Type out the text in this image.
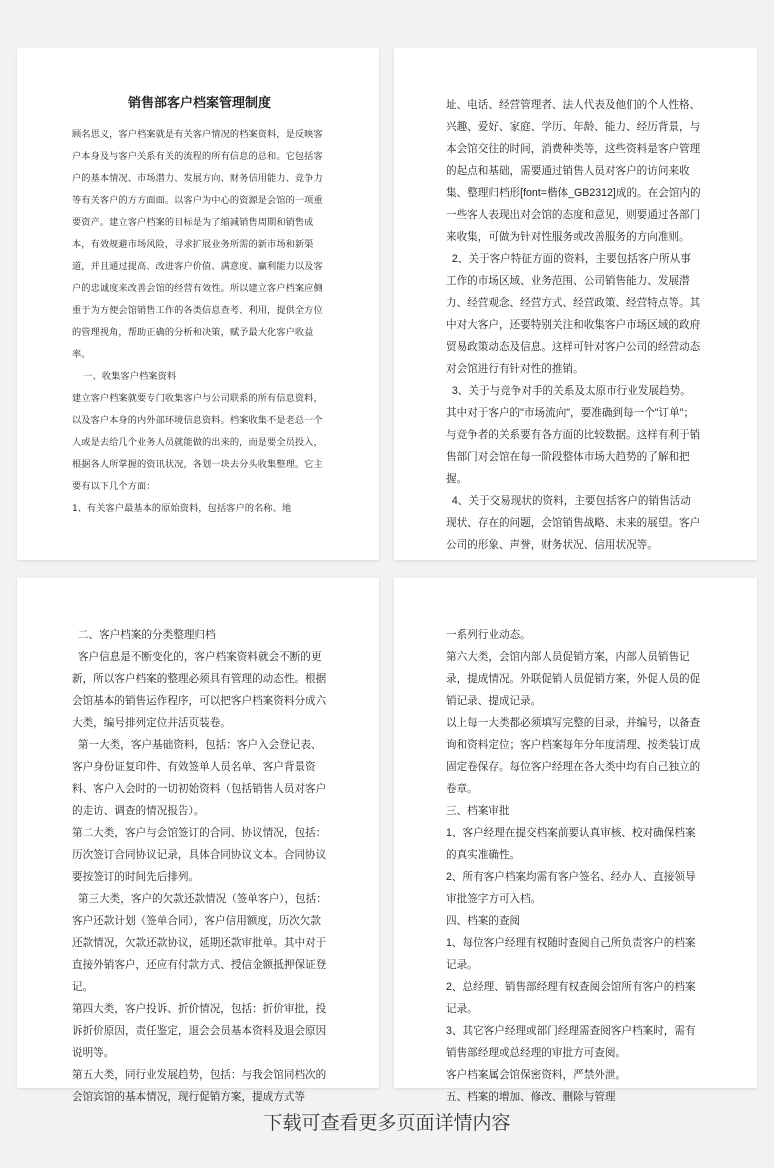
销售部客户档案管理制度

顾名思义，客户档案就是有关客户情况的档案资料，是反映客户本身及与客户关系有关的流程的所有信息的总和。它包括客户的基本情况、市场潜力、发展方向、财务信用能力、竞争力等有关客户的方方面面。以客户为中心的资源是会馆的一项重要资产。建立客户档案的目标是为了缩减销售周期和销售成本，有效规避市场风险，寻求扩展业务所需的新市场和新渠道，并且通过提高、改进客户价值、满意度、赢利能力以及客户的忠诚度来改善会馆的经营有效性。所以建立客户档案应侧重于为方便会馆销售工作的各类信息查考、利用，提供全方位的管理视角，帮助正确的分析和决策，赋予最大化客户收益率。

一、收集客户档案资料

建立客户档案就要专门收集客户与公司联系的所有信息资料，以及客户本身的内外部环境信息资料。档案收集不是老总一个人或是去给几个业务人员就能做的出来的，而是要全员投入，根据各人所掌握的资讯状况，各划一块去分头收集整理。它主要有以下几个方面：

1、有关客户最基本的原始资料，包括客户的名称、地

址、电话、经营管理者、法人代表及他们的个人性格、兴趣、爱好、家庭、学历、年龄、能力、经历背景，与本会馆交往的时间，消费种类等，这些资料是客户管理的起点和基础，需要通过销售人员对客户的访问来收集、整理归档形[font=楷体_GB2312]成的。在会馆内的一些客人表现出对会馆的态度和意见，则要通过各部门来收集，可做为针对性服务或改善服务的方向准则。

2、关于客户特征方面的资料，主要包括客户所从事工作的市场区域、业务范围、公司销售能力、发展潜力、经营观念、经营方式、经营政策、经营特点等。其中对大客户，还要特别关注和收集客户市场区域的政府贸易政策动态及信息。这样可针对客户公司的经营动态对会馆进行有针对性的推销。

3、关于与竞争对手的关系及太原市行业发展趋势。其中对于客户的"市场流向"，要准确到每一个"订单"；与竞争者的关系要有各方面的比较数据。这样有利于销售部门对会馆在每一阶段整体市场大趋势的了解和把握。

4、关于交易现状的资料，主要包括客户的销售活动现状、存在的问题，会馆销售战略、未来的展望。客户公司的形象、声誉，财务状况、信用状况等。

二、客户档案的分类整理归档

客户信息是不断变化的，客户档案资料就会不断的更新，所以客户档案的整理必须具有管理的动态性。根据会馆基本的销售运作程序，可以把客户档案资料分成六大类，编号排列定位并活页装卷。

第一大类，客户基础资料，包括：客户入会登记表、客户身份证复印件、有效签单人员名单、客户背景资料、客户入会时的一切初始资料（包括销售人员对客户的走访、调查的情况报告）。

第二大类，客户与会馆签订的合同、协议情况，包括：历次签订合同协议记录，具体合同协议文本。合同协议要按签订的时间先后排列。

第三大类，客户的欠款还款情况（签单客户），包括：客户还款计划（签单合同），客户信用额度，历次欠款还款情况，欠款还款协议，延期还款审批单。其中对于直接外销客户，还应有付款方式、授信金额抵押保证登记。

第四大类，客户投诉、折价情况，包括：折价审批，投诉折价原因，责任鉴定，退会会员基本资料及退会原因说明等。

第五大类，同行业发展趋势，包括：与我会馆同档次的会馆宾馆的基本情况，现行促销方案，提成方式等

一系列行业动态。

第六大类，会馆内部人员促销方案，内部人员销售记录，提成情况。外联促销人员促销方案，外促人员的促销记录、提成记录。

以上每一大类都必须填写完整的目录，并编号，以备查询和资料定位；客户档案每年分年度清理、按类装订成固定卷保存。每位客户经理在各大类中均有自己独立的卷章。

三、档案审批

1、客户经理在提交档案前要认真审核、校对确保档案的真实准确性。

2、所有客户档案均需有客户签名、经办人、直接领导审批签字方可入档。

四、档案的查阅

1、每位客户经理有权随时查阅自己所负责客户的档案记录。

2、总经理、销售部经理有权查阅会馆所有客户的档案记录。

3、其它客户经理或部门经理需查阅客户档案时，需有销售部经理或总经理的审批方可查阅。

客户档案属会馆保密资料，严禁外泄。

五、档案的增加、修改、删除与管理

下载可查看更多页面详情内容
